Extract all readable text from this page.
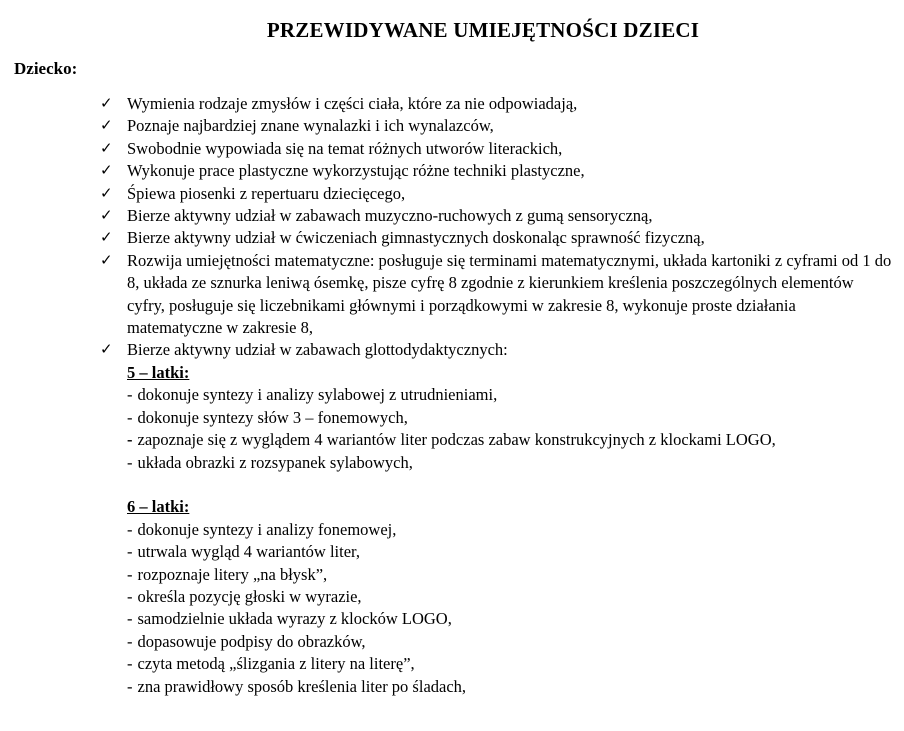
PRZEWIDYWANE UMIEJĘTNOŚCI DZIECI
Dziecko:
✓ Wymienia rodzaje zmysłów i części ciała, które za nie odpowiadają,
✓ Poznaje najbardziej znane wynalazki i ich wynalazców,
✓ Swobodnie wypowiada się na temat różnych utworów literackich,
✓ Wykonuje prace plastyczne wykorzystując różne techniki plastyczne,
✓ Śpiewa piosenki z repertuaru dziecięcego,
✓ Bierze aktywny udział w zabawach muzyczno-ruchowych z gumą sensoryczną,
✓ Bierze aktywny udział w ćwiczeniach gimnastycznych doskonaląc sprawność fizyczną,
✓ Rozwija umiejętności matematyczne: posługuje się terminami matematycznymi, układa kartoniki z cyframi od 1 do 8, układa ze sznurka leniwą ósemkę, pisze cyfrę 8 zgodnie z kierunkiem kreślenia poszczególnych elementów cyfry, posługuje się liczebnikami głównymi i porządkowymi w zakresie 8, wykonuje proste działania matematyczne w zakresie 8,
✓ Bierze aktywny udział w zabawach glottodydaktycznych:
5 – latki:
- dokonuje syntezy i analizy sylabowej z utrudnieniami,
- dokonuje syntezy słów 3 – fonemowych,
- zapoznaje się z wyglądem 4 wariantów liter podczas zabaw konstrukcyjnych z klockami LOGO,
- układa obrazki z rozsypanek sylabowych,
6 – latki:
- dokonuje syntezy i analizy fonemowej,
- utrwala wygląd 4 wariantów liter,
- rozpoznaje litery „na błysk”,
- określa pozycję głoski w wyrazie,
- samodzielnie układa wyrazy z klocków LOGO,
- dopasowuje podpisy do obrazków,
- czyta metodą „ślizgania z litery na literę”,
- zna prawidłowy sposób kreślenia liter po śladach,
